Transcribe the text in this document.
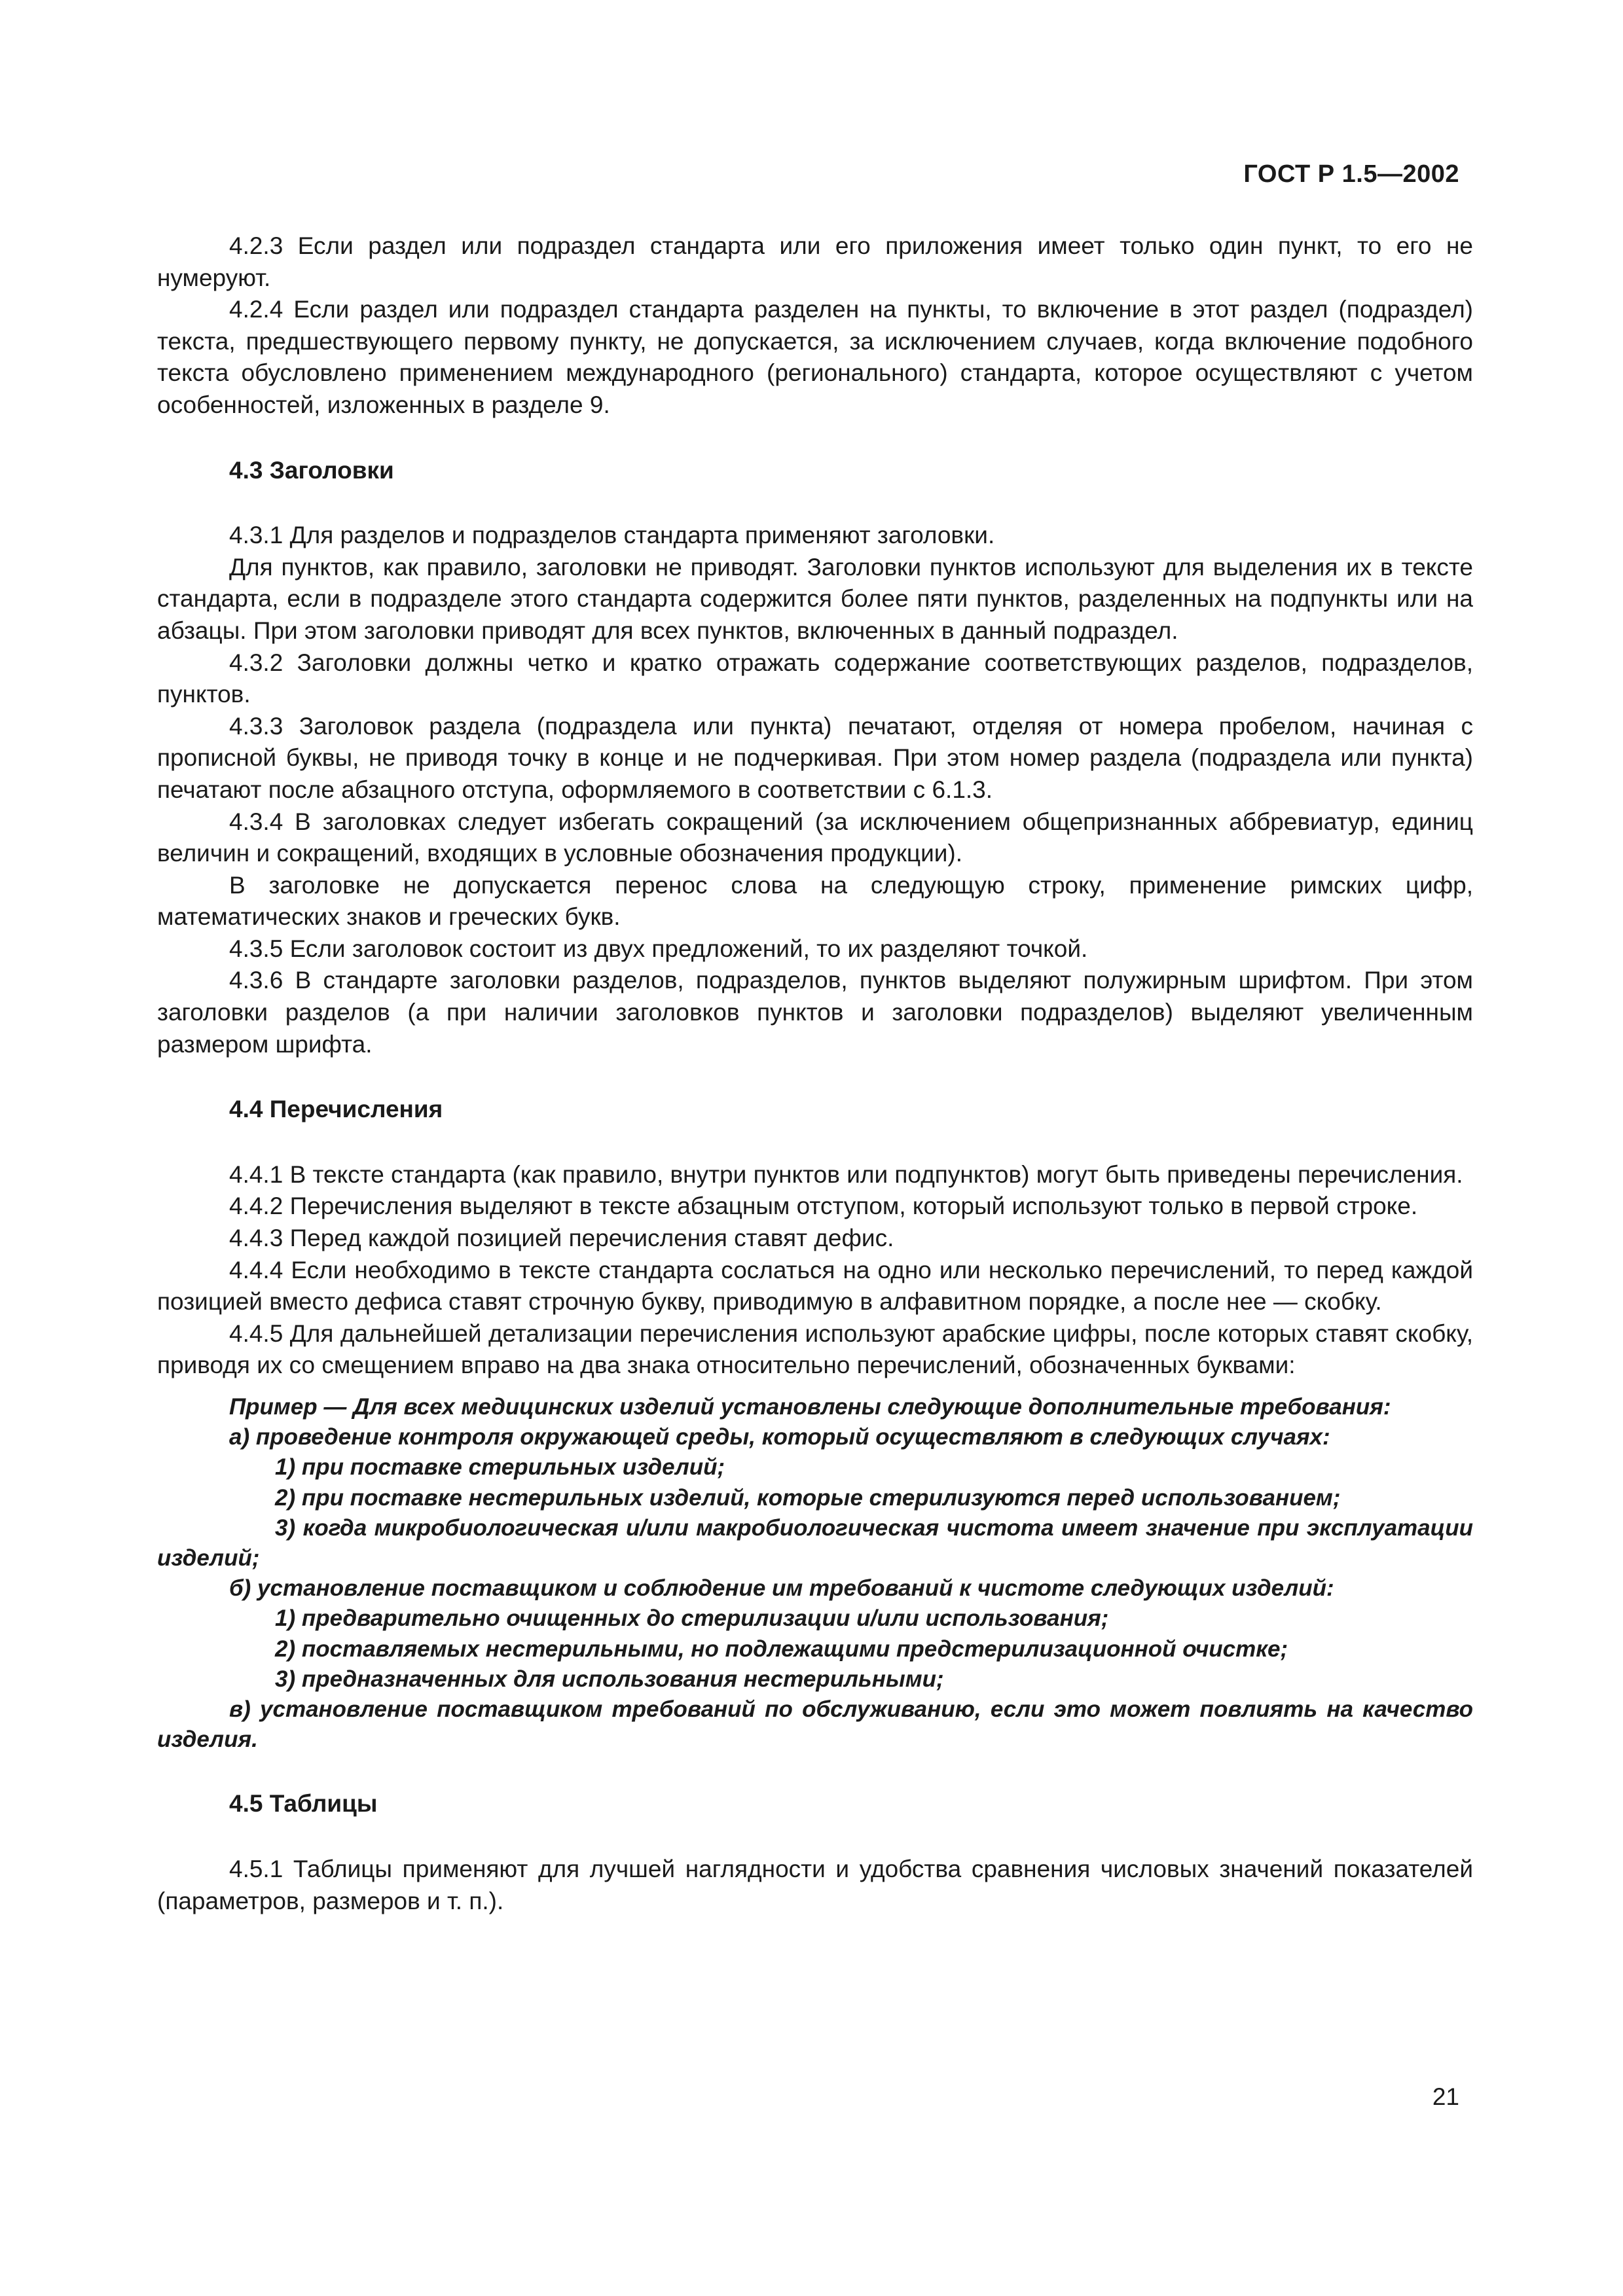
ГОСТ Р 1.5—2002

4.2.3 Если раздел или подраздел стандарта или его приложения имеет только один пункт, то его не нумеруют.

4.2.4 Если раздел или подраздел стандарта разделен на пункты, то включение в этот раздел (подраздел) текста, предшествующего первому пункту, не допускается, за исключением случаев, когда включение подобного текста обусловлено применением международного (регионального) стандарта, которое осуществляют с учетом особенностей, изложенных в разделе 9.

4.3 Заголовки

4.3.1 Для разделов и подразделов стандарта применяют заголовки.

Для пунктов, как правило, заголовки не приводят. Заголовки пунктов используют для выделения их в тексте стандарта, если в подразделе этого стандарта содержится более пяти пунктов, разделенных на подпункты или на абзацы. При этом заголовки приводят для всех пунктов, включенных в данный подраздел.

4.3.2 Заголовки должны четко и кратко отражать содержание соответствующих разделов, подразделов, пунктов.

4.3.3 Заголовок раздела (подраздела или пункта) печатают, отделяя от номера пробелом, начиная с прописной буквы, не приводя точку в конце и не подчеркивая. При этом номер раздела (подраздела или пункта) печатают после абзацного отступа, оформляемого в соответствии с 6.1.3.

4.3.4 В заголовках следует избегать сокращений (за исключением общепризнанных аббревиатур, единиц величин и сокращений, входящих в условные обозначения продукции).

В заголовке не допускается перенос слова на следующую строку, применение римских цифр, математических знаков и греческих букв.

4.3.5 Если заголовок состоит из двух предложений, то их разделяют точкой.

4.3.6 В стандарте заголовки разделов, подразделов, пунктов выделяют полужирным шрифтом. При этом заголовки разделов (а при наличии заголовков пунктов и заголовки подразделов) выделяют увеличенным размером шрифта.

4.4 Перечисления

4.4.1 В тексте стандарта (как правило, внутри пунктов или подпунктов) могут быть приведены перечисления.

4.4.2 Перечисления выделяют в тексте абзацным отступом, который используют только в первой строке.

4.4.3 Перед каждой позицией перечисления ставят дефис.

4.4.4 Если необходимо в тексте стандарта сослаться на одно или несколько перечислений, то перед каждой позицией вместо дефиса ставят строчную букву, приводимую в алфавитном порядке, а после нее — скобку.

4.4.5 Для дальнейшей детализации перечисления используют арабские цифры, после которых ставят скобку, приводя их со смещением вправо на два знака относительно перечислений, обозначенных буквами:

Пример — Для всех медицинских изделий установлены следующие дополнительные требования:

а) проведение контроля окружающей среды, который осуществляют в следующих случаях:

1) при поставке стерильных изделий;

2) при поставке нестерильных изделий, которые стерилизуются перед использованием;

3) когда микробиологическая и/или макробиологическая чистота имеет значение при эксплуатации изделий;

б) установление поставщиком и соблюдение им требований к чистоте следующих изделий:

1) предварительно очищенных до стерилизации и/или использования;

2) поставляемых нестерильными, но подлежащими предстерилизационной очистке;

3) предназначенных для использования нестерильными;

в) установление поставщиком требований по обслуживанию, если это может повлиять на качество изделия.

4.5 Таблицы

4.5.1 Таблицы применяют для лучшей наглядности и удобства сравнения числовых значений показателей (параметров, размеров и т. п.).

21
